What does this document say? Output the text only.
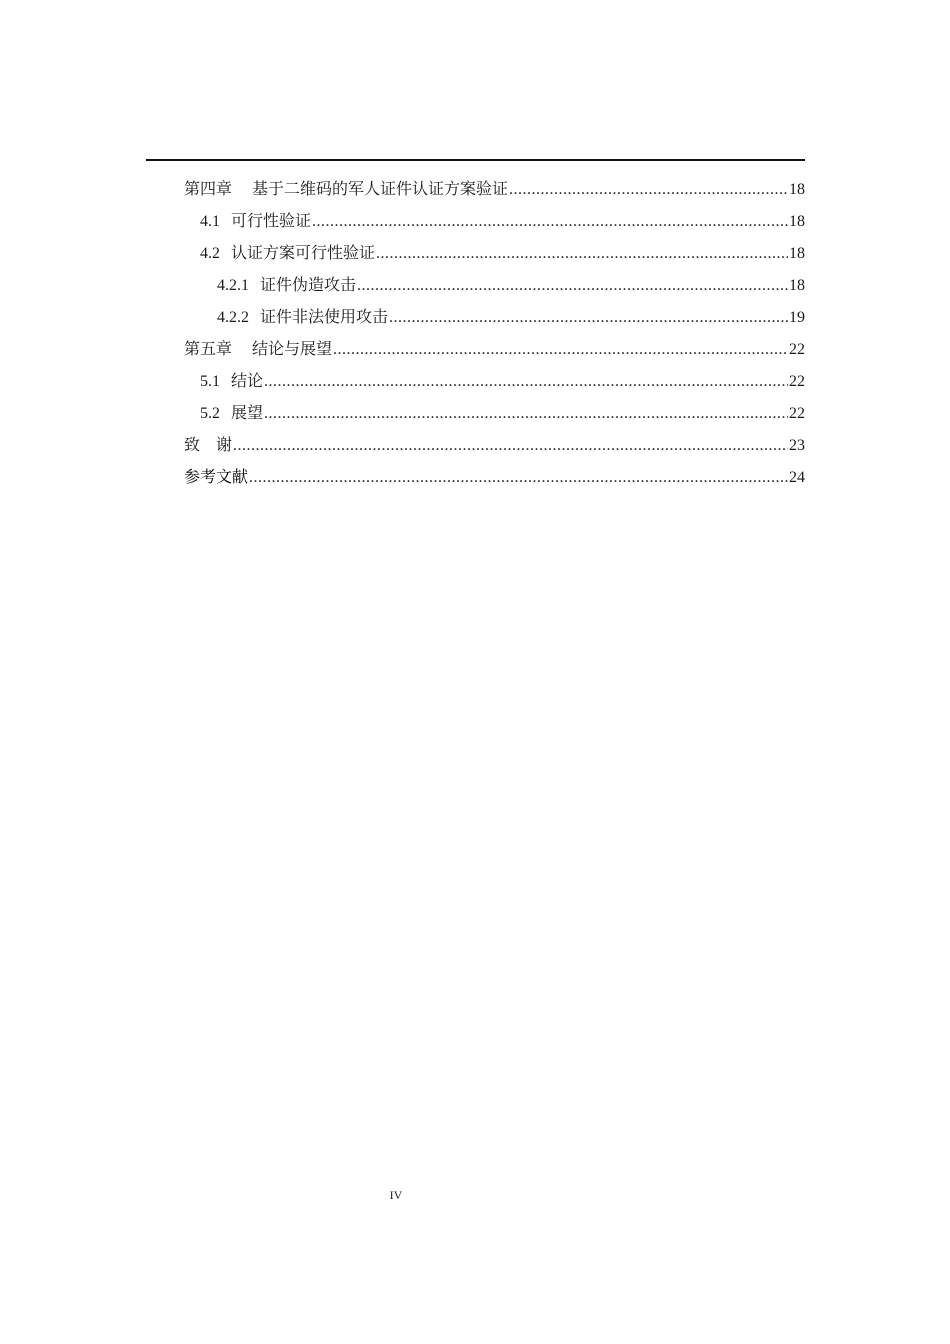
第四章 基于二维码的军人证件认证方案验证 .....	18
4.1 可行性验证 .....	18
4.2 认证方案可行性验证 .....	18
4.2.1 证件伪造攻击 .....	18
4.2.2 证件非法使用攻击 .....	19
第五章 结论与展望 .....	22
5.1 结论 .....	22
5.2 展望 .....	22
致　谢 .....	23
参考文献 .....	24
IV
